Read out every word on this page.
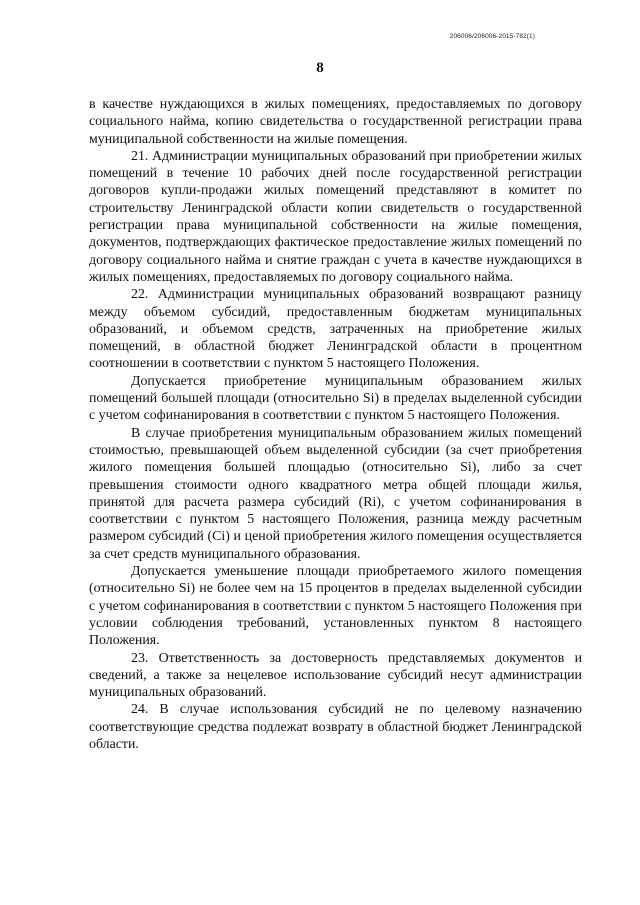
206006/206006-2015-782(1)
8

в качестве нуждающихся в жилых помещениях, предоставляемых по договору социального найма, копию свидетельства о государственной регистрации права муниципальной собственности на жилые помещения.

21. Администрации муниципальных образований при приобретении жилых помещений в течение 10 рабочих дней после государственной регистрации договоров купли-продажи жилых помещений представляют в комитет по строительству Ленинградской области копии свидетельств о государственной регистрации права муниципальной собственности на жилые помещения, документов, подтверждающих фактическое предоставление жилых помещений по договору социального найма и снятие граждан с учета в качестве нуждающихся в жилых помещениях, предоставляемых по договору социального найма.

22. Администрации муниципальных образований возвращают разницу между объемом субсидий, предоставленным бюджетам муниципальных образований, и объемом средств, затраченных на приобретение жилых помещений, в областной бюджет Ленинградской области в процентном соотношении в соответствии с пунктом 5 настоящего Положения.

Допускается приобретение муниципальным образованием жилых помещений большей площади (относительно Si) в пределах выделенной субсидии с учетом софинанирования в соответствии с пунктом 5 настоящего Положения.

В случае приобретения муниципальным образованием жилых помещений стоимостью, превышающей объем выделенной субсидии (за счет приобретения жилого помещения большей площадью (относительно Si), либо за счет превышения стоимости одного квадратного метра общей площади жилья, принятой для расчета размера субсидий (Ri), с учетом софинанирования в соответствии с пунктом 5 настоящего Положения, разница между расчетным размером субсидий (Ci) и ценой приобретения жилого помещения осуществляется за счет средств муниципального образования.

Допускается уменьшение площади приобретаемого жилого помещения (относительно Si) не более чем на 15 процентов в пределах выделенной субсидии с учетом софинанирования в соответствии с пунктом 5 настоящего Положения при условии соблюдения требований, установленных пунктом 8 настоящего Положения.

23. Ответственность за достоверность представляемых документов и сведений, а также за нецелевое использование субсидий несут администрации муниципальных образований.

24. В случае использования субсидий не по целевому назначению соответствующие средства подлежат возврату в областной бюджет Ленинградской области.
